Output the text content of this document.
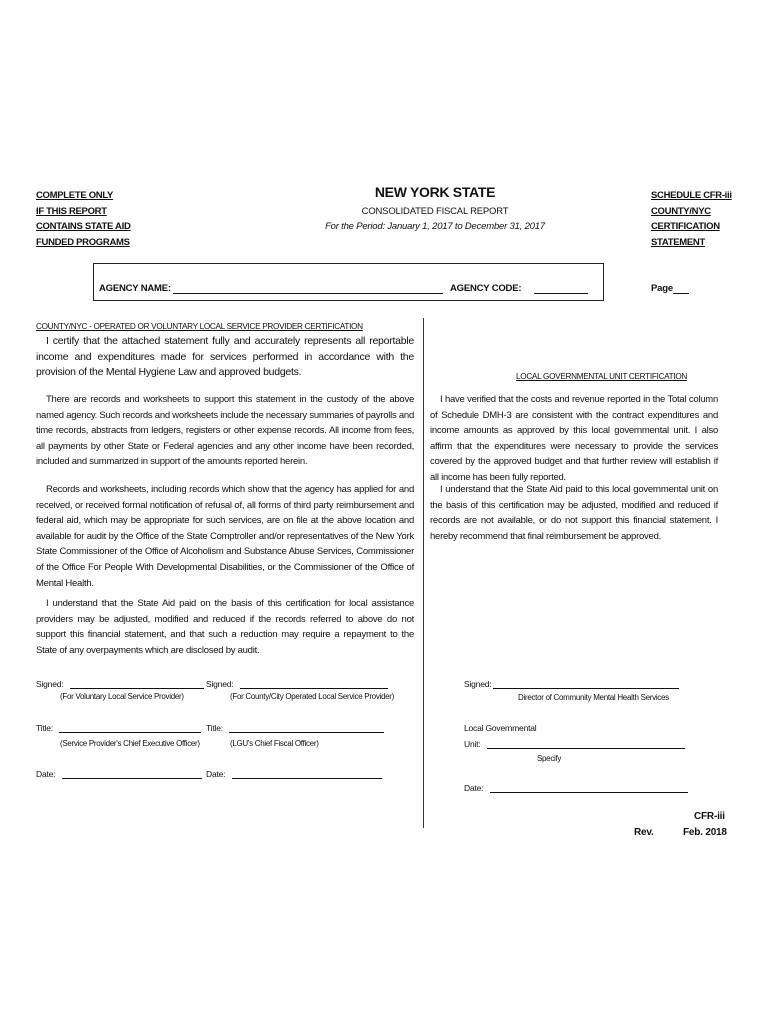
COMPLETE ONLY
IF THIS REPORT
CONTAINS STATE AID
FUNDED PROGRAMS
NEW YORK STATE
CONSOLIDATED FISCAL REPORT
For the Period: January 1, 2017 to December 31, 2017
SCHEDULE CFR-iii
COUNTY/NYC
CERTIFICATION
STATEMENT
AGENCY NAME:	AGENCY CODE:	Page
COUNTY/NYC - OPERATED OR VOLUNTARY LOCAL SERVICE PROVIDER CERTIFICATION
I certify that the attached statement fully and accurately represents all reportable income and expenditures made for services performed in accordance with the provision of the Mental Hygiene Law and approved budgets.
There are records and worksheets to support this statement in the custody of the above named agency. Such records and worksheets include the necessary summaries of payrolls and time records, abstracts from ledgers, registers or other expense records. All income from fees, all payments by other State or Federal agencies and any other income have been recorded, included and summarized in support of the amounts reported herein.
Records and worksheets, including records which show that the agency has applied for and received, or received formal notification of refusal of, all forms of third party reimbursement and federal aid, which may be appropriate for such services, are on file at the above location and available for audit by the Office of the State Comptroller and/or representatives of the New York State Commissioner of the Office of Alcoholism and Substance Abuse Services, Commissioner of the Office For People With Developmental Disabilities, or the Commissioner of the Office of Mental Health.
I understand that the State Aid paid on the basis of this certification for local assistance providers may be adjusted, modified and reduced if the records referred to above do not support this financial statement, and that such a reduction may require a repayment to the State of any overpayments which are disclosed by audit.
Signed:
(For Voluntary Local Service Provider)
Title:
(Service Provider's Chief Executive Officer)
Date:
Signed:
(For County/City Operated Local Service Provider)
Title:
(LGU's Chief Fiscal Officer)
Date:
LOCAL GOVERNMENTAL UNIT CERTIFICATION
I have verified that the costs and revenue reported in the Total column of Schedule DMH-3 are consistent with the contract expenditures and income amounts as approved by this local governmental unit. I also affirm that the expenditures were necessary to provide the services covered by the approved budget and that further review will establish if all income has been fully reported.
I understand that the State Aid paid to this local governmental unit on the basis of this certification may be adjusted, modified and reduced if records are not available, or do not support this financial statement. I hereby recommend that final reimbursement be approved.
Signed:
Director of Community Mental Health Services
Local Governmental
Unit:
Specify
Date:
CFR-iii
Rev.	Feb. 2018
